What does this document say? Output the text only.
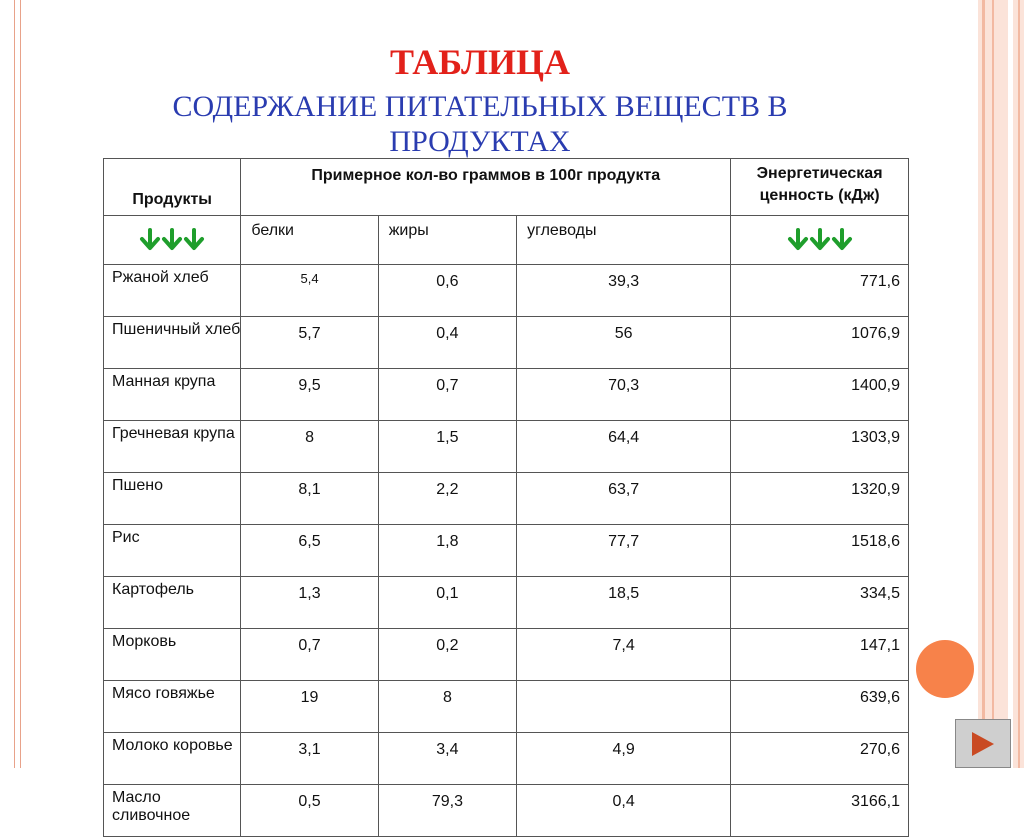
ТАБЛИЦА
СОДЕРЖАНИЕ ПИТАТЕЛЬНЫХ ВЕЩЕСТВ В ПРОДУКТАХ
Продукты	Примерное кол-во граммов в 100г продукта			Энергетическая ценность (кДж)
	белки	жиры	углеводы	
Ржаной хлеб	5,4	0,6	39,3	771,6
Пшеничный хлеб	5,7	0,4	56	1076,9
Манная крупа	9,5	0,7	70,3	1400,9
Гречневая крупа	8	1,5	64,4	1303,9
Пшено	8,1	2,2	63,7	1320,9
Рис	6,5	1,8	77,7	1518,6
Картофель	1,3	0,1	18,5	334,5
Морковь	0,7	0,2	7,4	147,1
Мясо говяжье	19	8		639,6
Молоко коровье	3,1	3,4	4,9	270,6
Масло сливочное	0,5	79,3	0,4	3166,1
